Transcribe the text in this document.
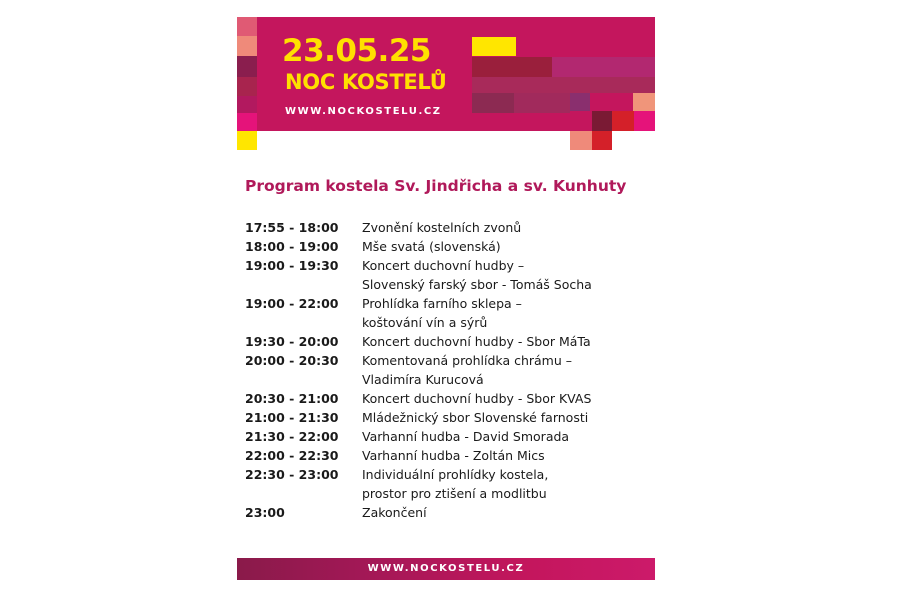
23.05.25
NOC KOSTELŮ
WWW.NOCKOSTELU.CZ
Program kostela Sv. Jindřicha a sv. Kunhuty
17:55 - 18:00	Zvonění kostelních zvonů
18:00 - 19:00	Mše svatá (slovenská)
19:00 - 19:30	Koncert duchovní hudby –
Slovenský farský sbor - Tomáš Socha
19:00 - 22:00	Prohlídka farního sklepa –
koštování vín a sýrů
19:30 - 20:00	Koncert duchovní hudby - Sbor MáTa
20:00 - 20:30	Komentovaná prohlídka chrámu –
Vladimíra Kurucová
20:30 - 21:00	Koncert duchovní hudby - Sbor KVAS
21:00 - 21:30	Mládežnický sbor Slovenské farnosti
21:30 - 22:00	Varhanní hudba - David Smorada
22:00 - 22:30	Varhanní hudba - Zoltán Mics
22:30 - 23:00	Individuální prohlídky kostela,
prostor pro ztišení a modlitbu
23:00	Zakončení
WWW.NOCKOSTELU.CZ
